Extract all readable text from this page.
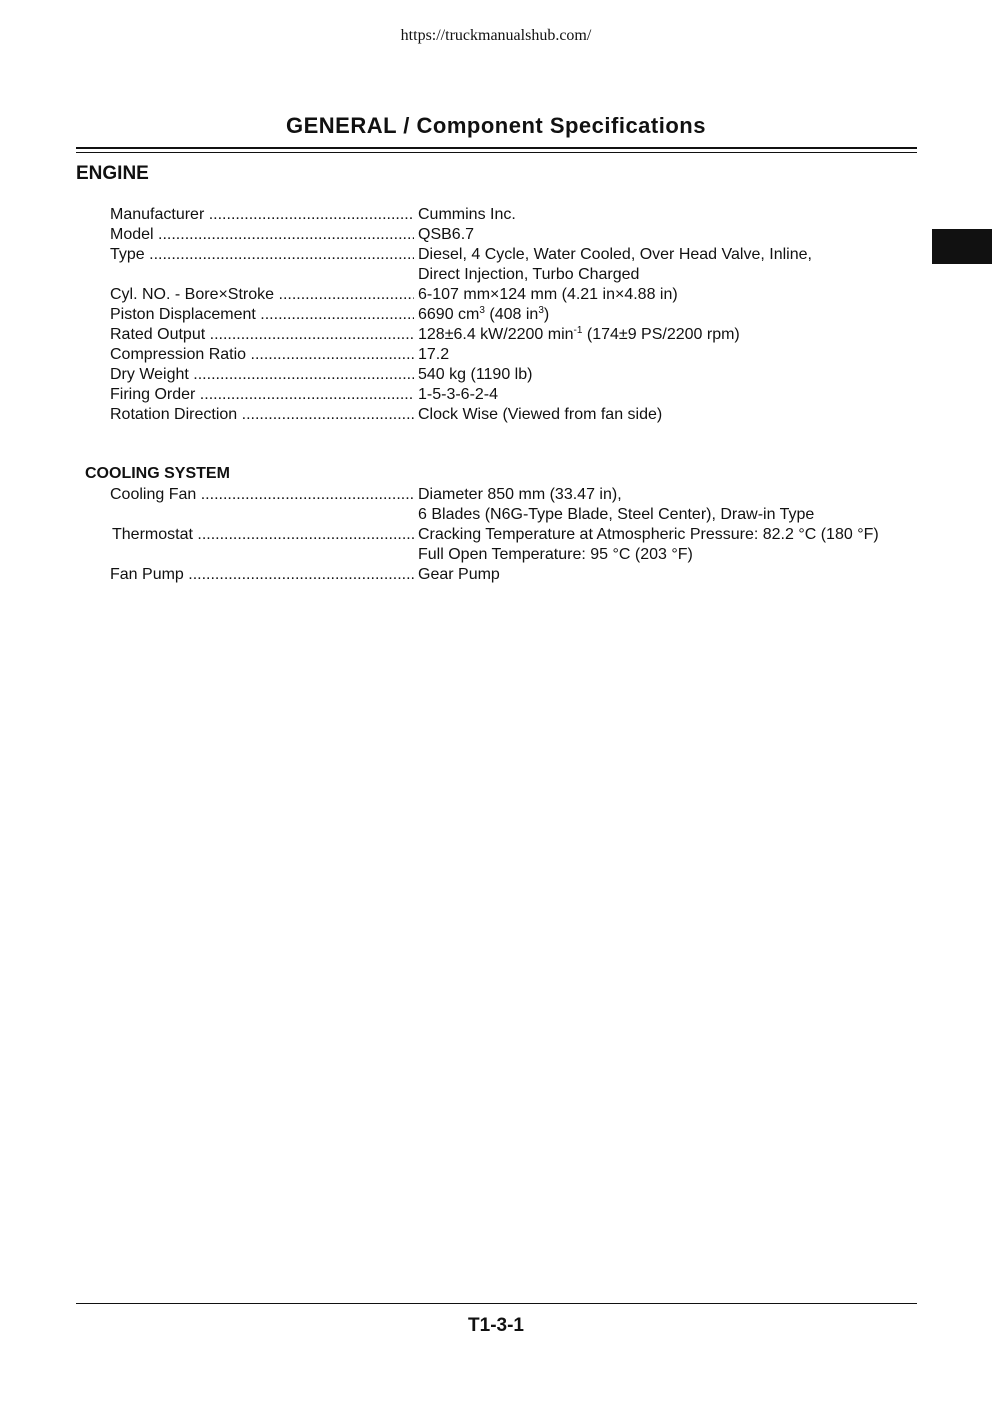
https://truckmanualshub.com/
GENERAL / Component Specifications
ENGINE
Manufacturer .....	Cummins Inc.
Model .....	QSB6.7
Type .....	Diesel, 4 Cycle, Water Cooled, Over Head Valve, Inline,
Direct Injection, Turbo Charged
Cyl. NO. - Bore×Stroke .....	6-107 mm×124 mm (4.21 in×4.88 in)
Piston Displacement .....	6690 $cm^3$ (408 $in^3$)
Rated Output .....	128±6.4 kW/2200 $\min^{-1} (174\pm 9$ PS/2200 rpm)
Compression Ratio .....	17.2
Dry Weight .....	540 kg (1190 lb)
Firing Order .....	1-5-3-6-2-4
Rotation Direction .....	Clock Wise (Viewed from fan side)
COOLING SYSTEM
Cooling Fan .....	Diameter 850 mm (33.47 in),
6 Blades (N6G-Type Blade, Steel Center), Draw-in Type
Thermostat .....	Cracking Temperature at Atmospheric Pressure: 82.2 °C (180 °F)
Full Open Temperature: 95 °C (203 °F)
Fan Pump .....	Gear Pump
T1-3-1
